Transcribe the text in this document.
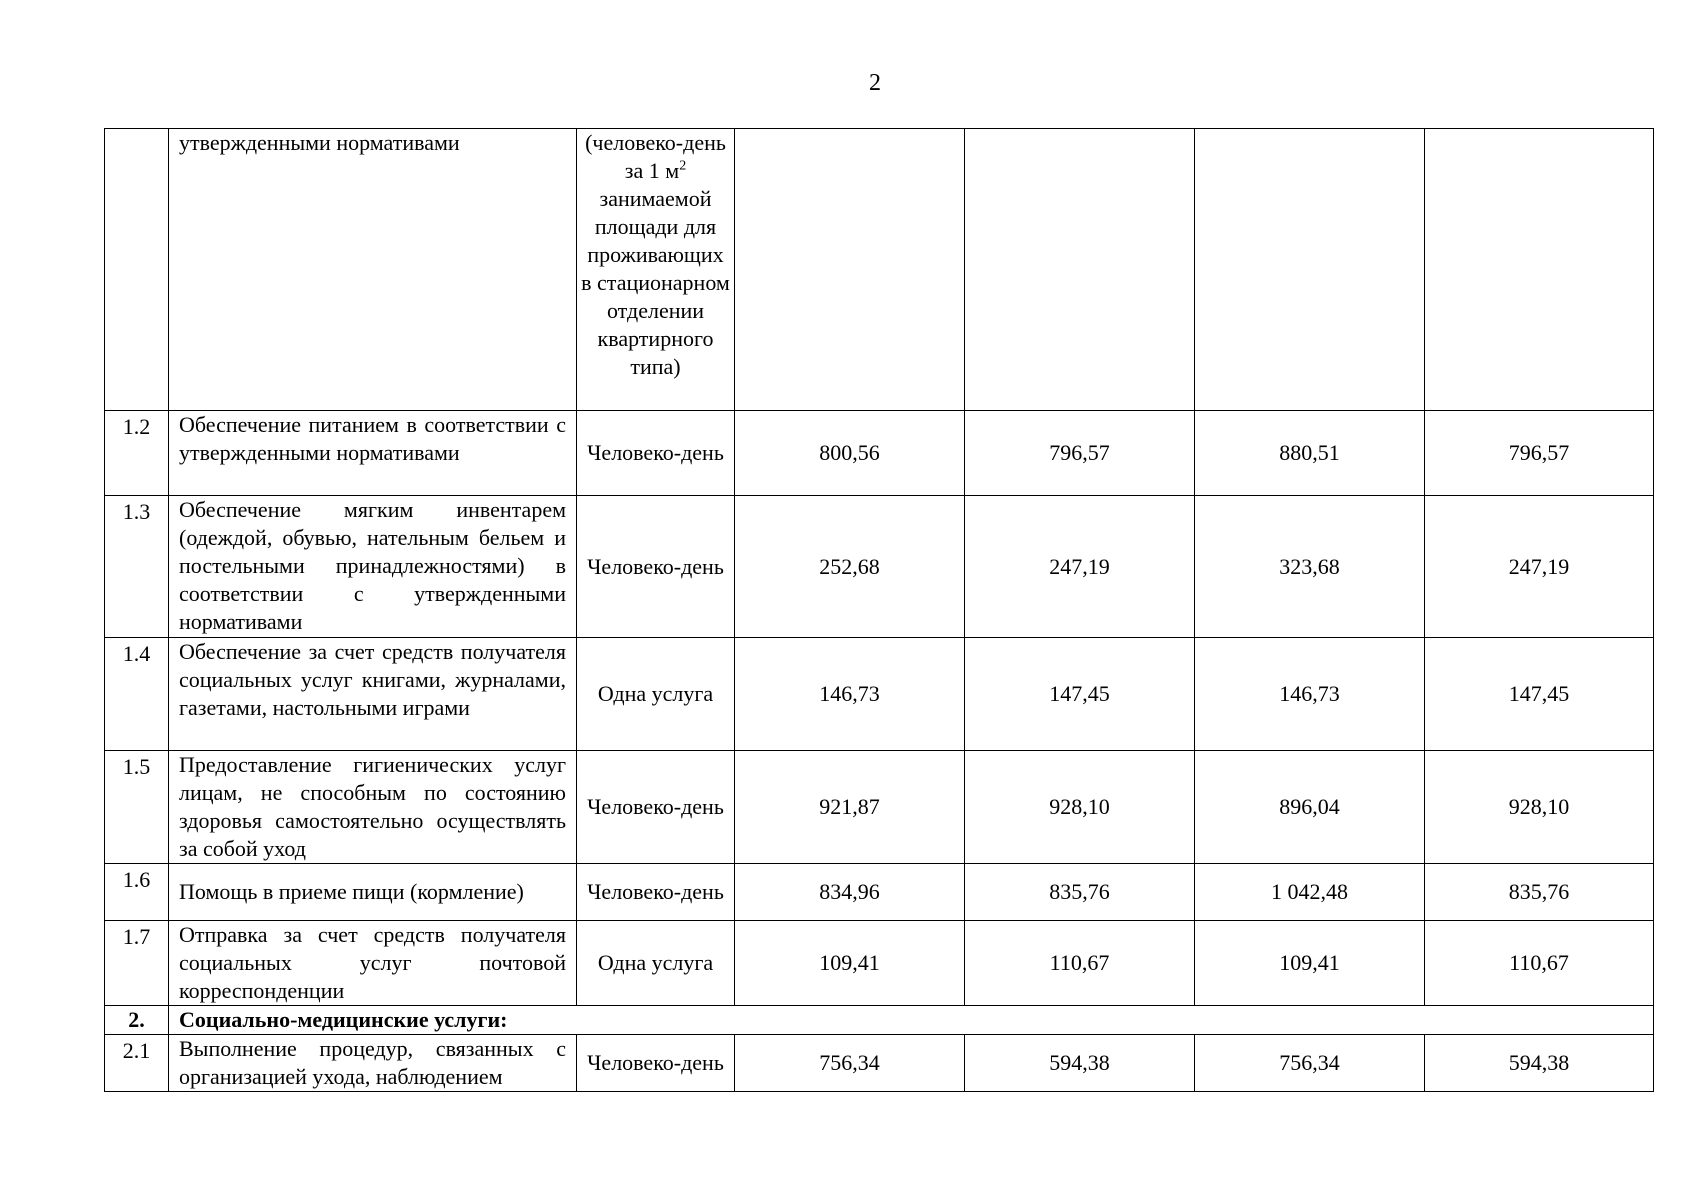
2
	утвержденными нормативами	(человеко-день за 1 $м^2$ занимаемой площади для проживающих в стационарном отделении квартирного типа)				
1.2	Обеспечение питанием в соответствии с утвержденными нормативами	Человеко-день	800,56	796,57	880,51	796,57
1.3	Обеспечение мягким инвентарем (одеждой, обувью, нательным бельем и постельными принадлежностями) в соответствии с утвержденными нормативами	Человеко-день	252,68	247,19	323,68	247,19
1.4	Обеспечение за счет средств получателя социальных услуг книгами, журналами, газетами, настольными играми	Одна услуга	146,73	147,45	146,73	147,45
1.5	Предоставление гигиенических услуг лицам, не способным по состоянию здоровья самостоятельно осуществлять за собой уход	Человеко-день	921,87	928,10	896,04	928,10
1.6	Помощь в приеме пищи (кормление)	Человеко-день	834,96	835,76	1 042,48	835,76
1.7	Отправка за счет средств получателя социальных услуг почтовой корреспонденции	Одна услуга	109,41	110,67	109,41	110,67
2.	Социально-медицинские услуги:					
2.1	Выполнение процедур, связанных с организацией ухода, наблюдением	Человеко-день	756,34	594,38	756,34	594,38
